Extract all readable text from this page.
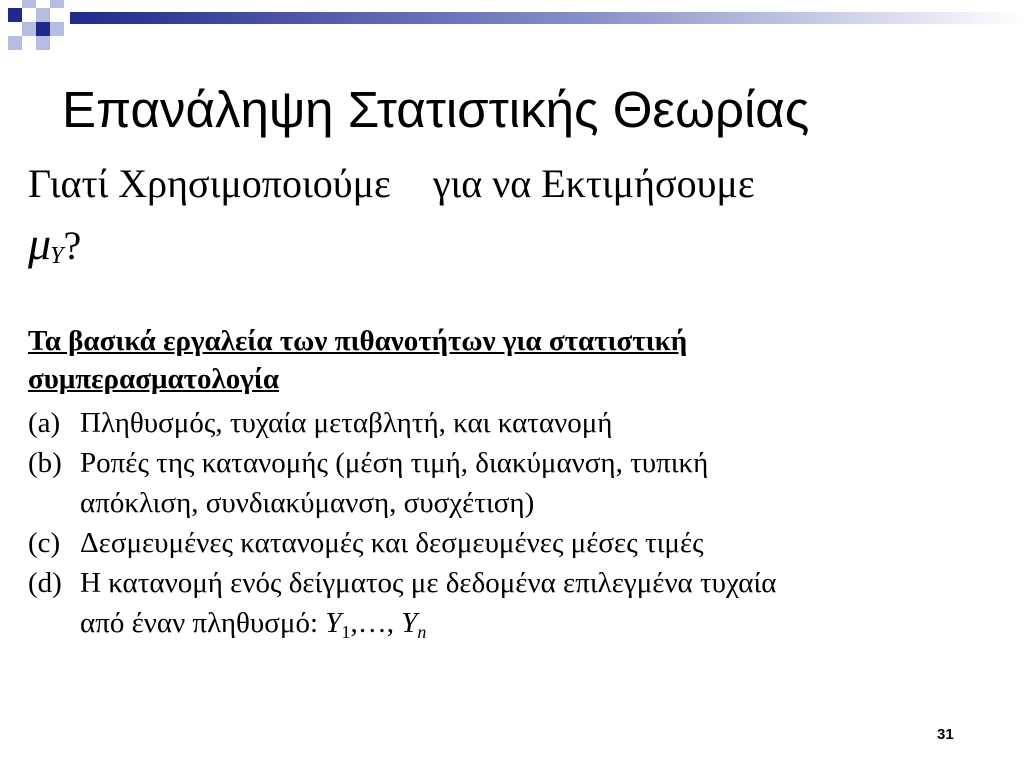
Επανάληψη Στατιστικής Θεωρίας
Γιατί Χρησιμοποιούμε για να Εκτιμήσουμε
μY?
Τα βασικά εργαλεία των πιθανοτήτων για στατιστική
συμπερασματολογία
(a) Πληθυσμός, τυχαία μεταβλητή, και κατανομή
(b) Ροπές της κατανομής (μέση τιμή, διακύμανση, τυπική
απόκλιση, συνδιακύμανση, συσχέτιση)
(c) Δεσμευμένες κατανομές και δεσμευμένες μέσες τιμές
(d) Η κατανομή ενός δείγματος με δεδομένα επιλεγμένα τυχαία
από έναν πληθυσμό: $Y_1,\dots$, $Y_n$
31
